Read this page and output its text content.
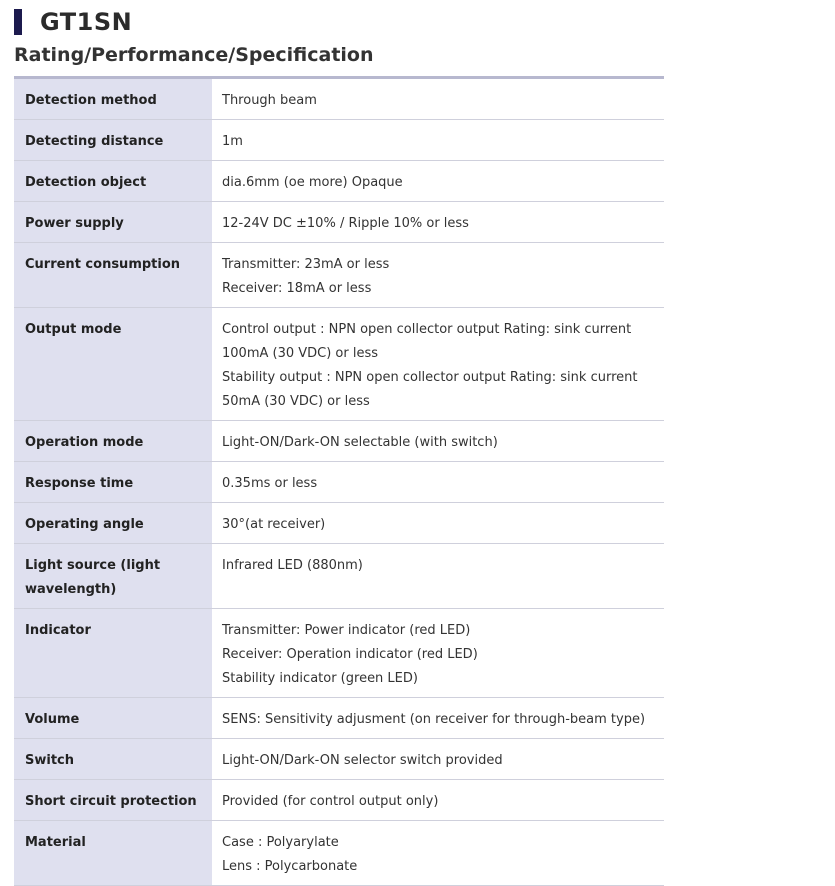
GT1SN
Rating/Performance/Specification
Detection method	Through beam

Detecting distance	1m

Detection object	dia.6mm (oe more) Opaque

Power supply	12-24V DC ±10% / Ripple 10% or less

Current consumption	Transmitter: 23mA or less
Receiver: 18mA or less

Output mode	Control output : NPN open collector output Rating: sink current
100mA (30 VDC) or less
Stability output : NPN open collector output Rating: sink current
50mA (30 VDC) or less

Operation mode	Light-ON/Dark-ON selectable (with switch)

Response time	0.35ms or less

Operating angle	30°(at receiver)

Light source (light wavelength)	Infrared LED (880nm)

Indicator	Transmitter: Power indicator (red LED)
Receiver: Operation indicator (red LED)
Stability indicator (green LED)

Volume	SENS: Sensitivity adjusment (on receiver for through-beam type)

Switch	Light-ON/Dark-ON selector switch provided

Short circuit protection	Provided (for control output only)

Material	Case : Polyarylate
Lens : Polycarbonate
